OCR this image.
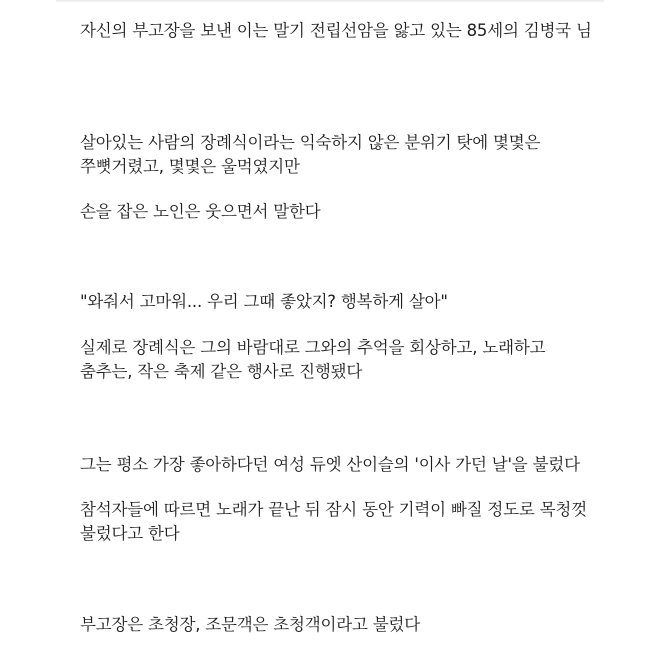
자신의 부고장을 보낸 이는 말기 전립선암을 앓고 있는 85세의 김병국 님

살아있는 사람의 장례식이라는 익숙하지 않은 분위기 탓에 몇몇은 쭈뼛거렸고, 몇몇은 울먹였지만

손을 잡은 노인은 웃으면서 말한다

"와줘서 고마워... 우리 그때 좋았지? 행복하게 살아"

실제로 장례식은 그의 바람대로 그와의 추억을 회상하고, 노래하고 춤추는, 작은 축제 같은 행사로 진행됐다

그는 평소 가장 좋아하다던 여성 듀엣 산이슬의 '이사 가던 날'을 불렀다

참석자들에 따르면 노래가 끝난 뒤 잠시 동안 기력이 빠질 정도로 목청껏 불렀다고 한다

부고장은 초청장, 조문객은 초청객이라고 불렀다
